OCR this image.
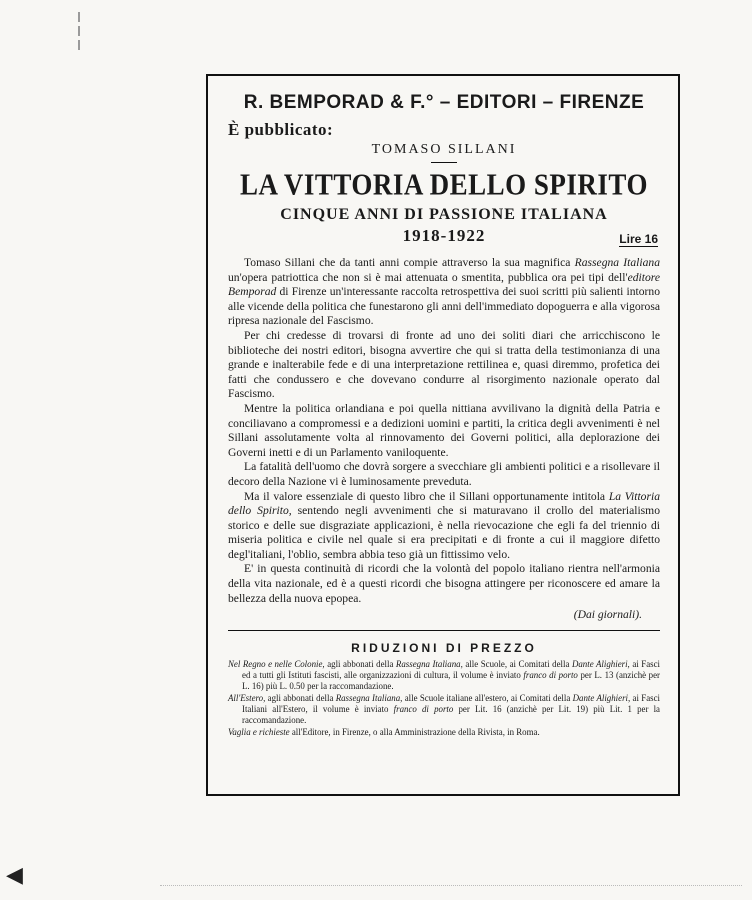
R. BEMPORAD & F.° – EDITORI – FIRENZE
È pubblicato:
TOMASO SILLANI
LA VITTORIA DELLO SPIRITO
CINQUE ANNI DI PASSIONE ITALIANA
1918-1922	Lire 16

Tomaso Sillani che da tanti anni compie attraverso la sua magnifica Rassegna Italiana un'opera patriottica che non si è mai attenuata o smentita, pubblica ora pei tipi dell'editore Bemporad di Firenze un'interessante raccolta retrospettiva dei suoi scritti più salienti intorno alle vicende della politica che funestarono gli anni dell'immediato dopoguerra e alla vigorosa ripresa nazionale del Fascismo.

Per chi credesse di trovarsi di fronte ad uno dei soliti diari che arricchiscono le biblioteche dei nostri editori, bisogna avvertire che qui si tratta della testimonianza di una grande e inalterabile fede e di una interpretazione rettilinea e, quasi diremmo, profetica dei fatti che condussero e che dovevano condurre al risorgimento nazionale operato dal Fascismo.

Mentre la politica orlandiana e poi quella nittiana avvilivano la dignità della Patria e conciliavano a compromessi e a dedizioni uomini e partiti, la critica degli avvenimenti è nel Sillani assolutamente volta al rinnovamento dei Governi politici, alla deplorazione dei Governi inetti e di un Parlamento vaniloquente.

La fatalità dell'uomo che dovrà sorgere a svecchiare gli ambienti politici e a risollevare il decoro della Nazione vi è luminosamente preveduta.

Ma il valore essenziale di questo libro che il Sillani opportunamente intitola La Vittoria dello Spirito, sentendo negli avvenimenti che si maturavano il crollo del materialismo storico e delle sue disgraziate applicazioni, è nella rievocazione che egli fa del triennio di miseria politica e civile nel quale si era precipitati e di fronte a cui il maggiore difetto degl'italiani, l'oblio, sembra abbia teso già un fittissimo velo.

E' in questa continuità di ricordi che la volontà del popolo italiano rientra nell'armonia della vita nazionale, ed è a questi ricordi che bisogna attingere per riconoscere ed amare la bellezza della nuova epopea.

(Dai giornali).
RIDUZIONI DI PREZZO

Nel Regno e nelle Colonie, agli abbonati della Rassegna Italiana, alle Scuole, ai Comitati della Dante Alighieri, ai Fasci ed a tutti gli Istituti fascisti, alle organizzazioni di cultura, il volume è inviato franco di porto per L. 13 (anzichè per L. 16) più L. 0.50 per la raccomandazione.

All'Estero, agli abbonati della Rassegna Italiana, alle Scuole italiane all'estero, ai Comitati della Dante Alighieri, ai Fasci Italiani all'Estero, il volume è inviato franco di porto per Lit. 16 (anzichè per Lit. 19) più Lit. 1 per la raccomandazione.

Vaglia e richieste all'Editore, in Firenze, o alla Amministrazione della Rivista, in Roma.

◀
